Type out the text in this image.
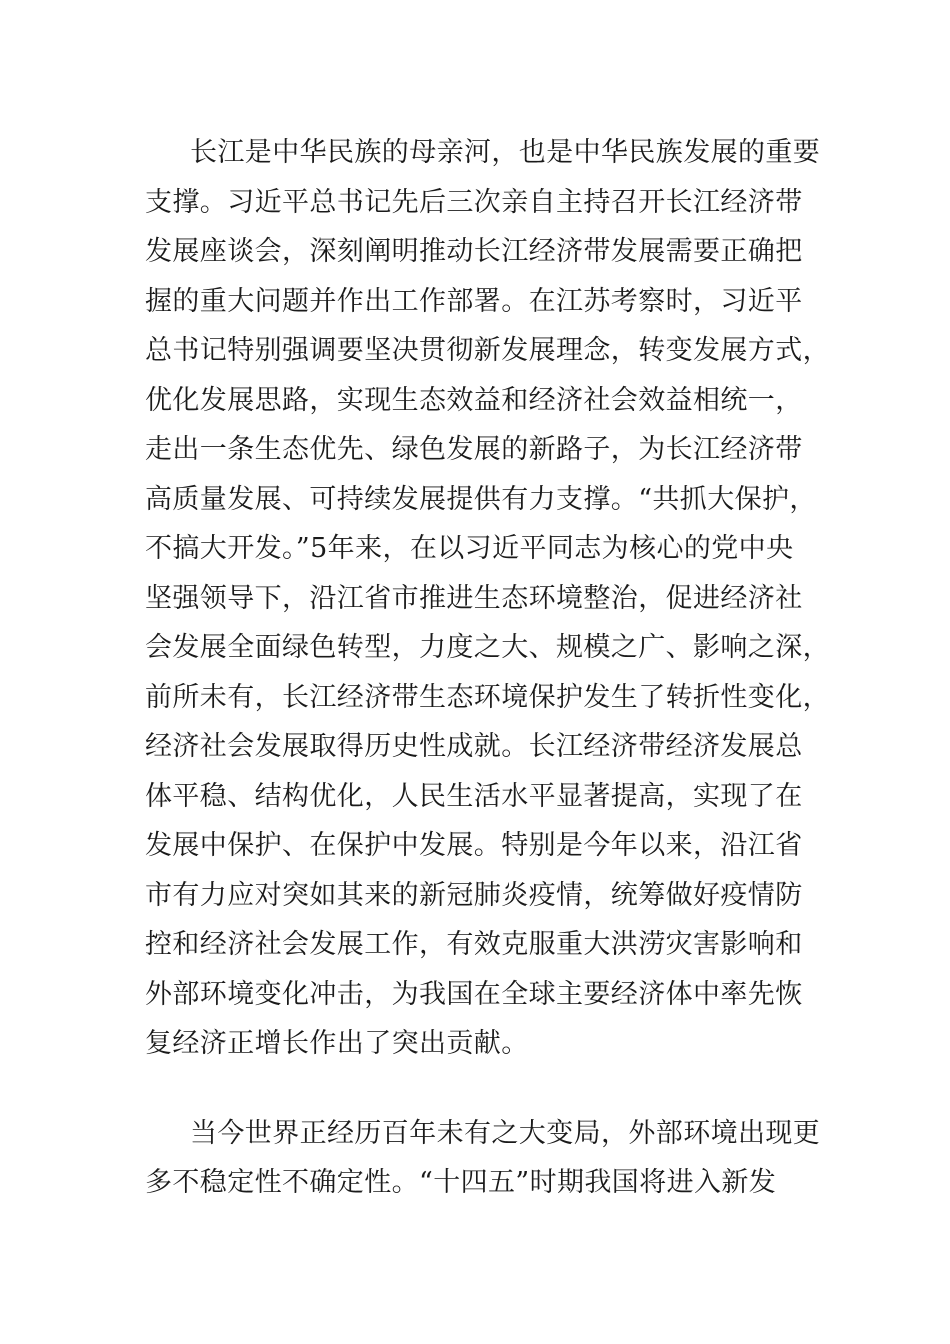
长江是中华民族的母亲河，也是中华民族发展的重要
支撑。习近平总书记先后三次亲自主持召开长江经济带
发展座谈会，深刻阐明推动长江经济带发展需要正确把
握的重大问题并作出工作部署。在江苏考察时，习近平
总书记特别强调要坚决贯彻新发展理念，转变发展方式，
优化发展思路，实现生态效益和经济社会效益相统一，
走出一条生态优先、绿色发展的新路子，为长江经济带
高质量发展、可持续发展提供有力支撑。“共抓大保护，
不搞大开发。”5年来，在以习近平同志为核心的党中央
坚强领导下，沿江省市推进生态环境整治，促进经济社
会发展全面绿色转型，力度之大、规模之广、影响之深，
前所未有，长江经济带生态环境保护发生了转折性变化，
经济社会发展取得历史性成就。长江经济带经济发展总
体平稳、结构优化，人民生活水平显著提高，实现了在
发展中保护、在保护中发展。特别是今年以来，沿江省
市有力应对突如其来的新冠肺炎疫情，统筹做好疫情防
控和经济社会发展工作，有效克服重大洪涝灾害影响和
外部环境变化冲击，为我国在全球主要经济体中率先恢
复经济正增长作出了突出贡献。
当今世界正经历百年未有之大变局，外部环境出现更
多不稳定性不确定性。“十四五”时期我国将进入新发
